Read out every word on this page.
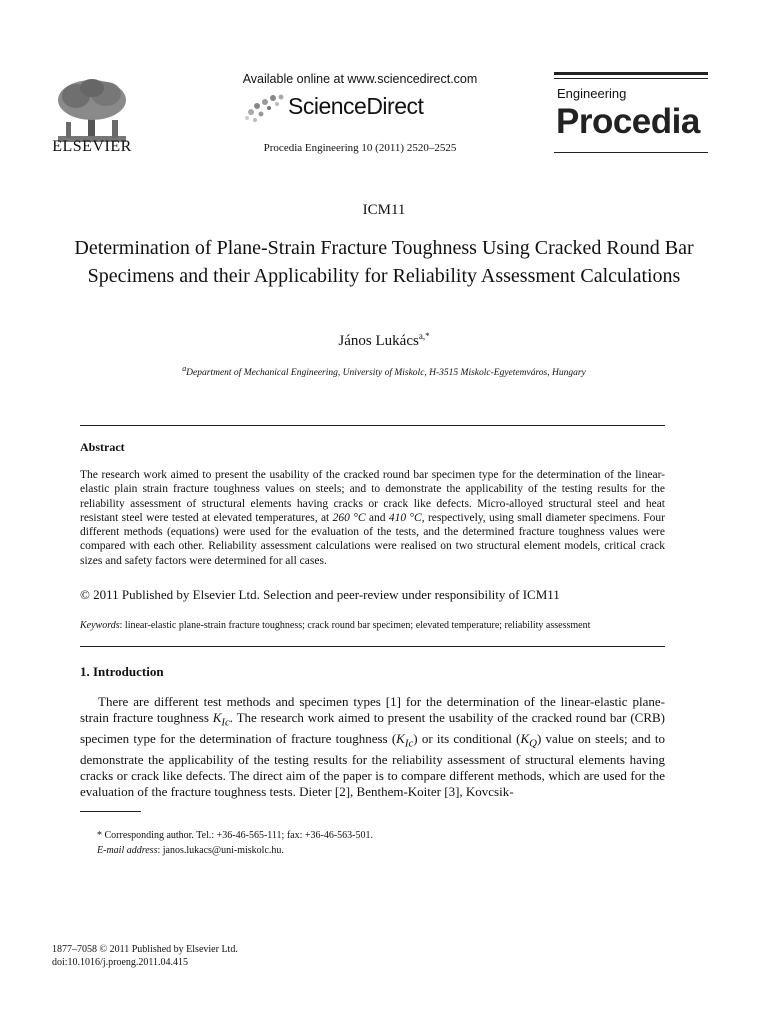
ELSEVIER
Available online at www.sciencedirect.com
ScienceDirect
Procedia Engineering 10 (2011) 2520–2525
Engineering
Procedia
ICM11
Determination of Plane-Strain Fracture Toughness Using Cracked Round Bar Specimens and their Applicability for Reliability Assessment Calculations
János Lukács$^{a,*}$
$^a$Department of Mechanical Engineering, University of Miskolc, H-3515 Miskolc-Egyetemváros, Hungary
Abstract
The research work aimed to present the usability of the cracked round bar specimen type for the determination of the linear-elastic plain strain fracture toughness values on steels; and to demonstrate the applicability of the testing results for the reliability assessment of structural elements having cracks or crack like defects. Micro-alloyed structural steel and heat resistant steel were tested at elevated temperatures, at 260 °C and 410 °C, respectively, using small diameter specimens. Four different methods (equations) were used for the evaluation of the tests, and the determined fracture toughness values were compared with each other. Reliability assessment calculations were realised on two structural element models, critical crack sizes and safety factors were determined for all cases.
© 2011 Published by Elsevier Ltd. Selection and peer-review under responsibility of ICM11
Keywords: linear-elastic plane-strain fracture toughness; crack round bar specimen; elevated temperature; reliability assessment
1. Introduction
There are different test methods and specimen types [1] for the determination of the linear-elastic plane-strain fracture toughness $K_{Ic}$. The research work aimed to present the usability of the cracked round bar (CRB) specimen type for the determination of fracture toughness $(K_{Ic})$ or its conditional $(K_Q)$ value on steels; and to demonstrate the applicability of the testing results for the reliability assessment of structural elements having cracks or crack like defects. The direct aim of the paper is to compare different methods, which are used for the evaluation of the fracture toughness tests. Dieter [2], Benthem-Koiter [3], Kovcsik-
* Corresponding author. Tel.: +36-46-565-111; fax: +36-46-563-501.
E-mail address: janos.lukacs@uni-miskolc.hu.
1877–7058 © 2011 Published by Elsevier Ltd.
doi:10.1016/j.proeng.2011.04.415
